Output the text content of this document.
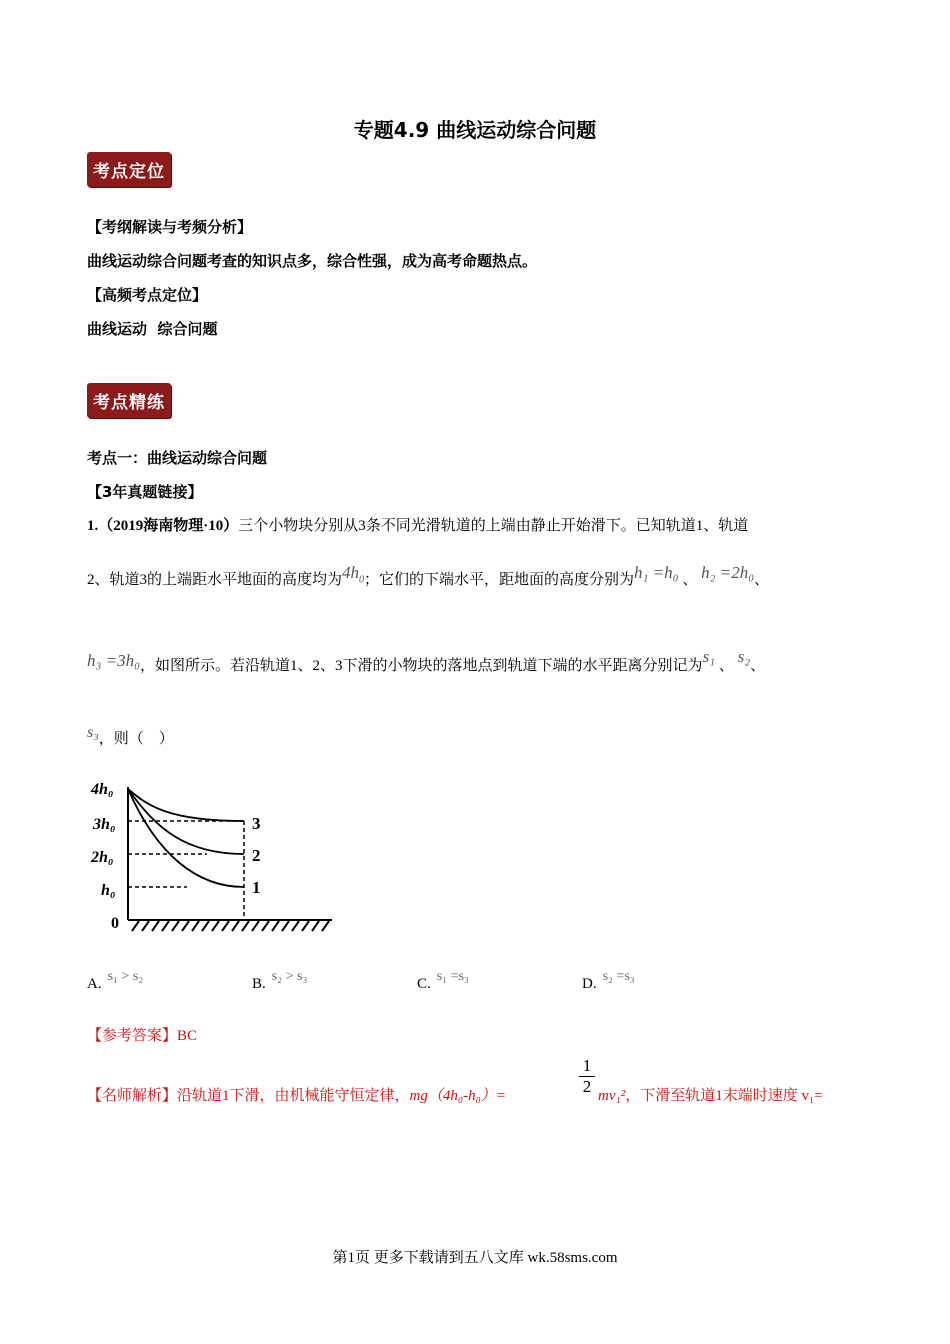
专题4.9 曲线运动综合问题
考点定位
【考纲解读与考频分析】
曲线运动综合问题考查的知识点多，综合性强，成为高考命题热点。
【高频考点定位】
曲线运动  综合问题
考点精练
考点一：曲线运动综合问题
【3年真题链接】
1.（2019海南物理·10）三个小物块分别从3条不同光滑轨道的上端由静止开始滑下。已知轨道1、轨道
2、轨道3的上端距水平地面的高度均为$4h_0$；它们的下端水平，距地面的高度分别为h₁ =h₀ 、 h₂ =2h₀、
h₃ =3h₀，如图所示。若沿轨道1、2、3下滑的小物块的落地点到轨道下端的水平距离分别记为s₁ 、 s₂、
s₃，则（    ）
4h₀
3h₀
2h₀
h₀
0
3
2
1
A. s₁ > s₂	B. s₂ > s₃	C. s₁ =s₃	D. s₂ =s₃
【参考答案】BC
【名师解析】沿轨道1下滑，由机械能守恒定律，mg（4h₀-h₀）=
1
2 mv₁²，下滑至轨道1末端时速度 v₁=
第1页 更多下载请到五八文库 wk.58sms.com
